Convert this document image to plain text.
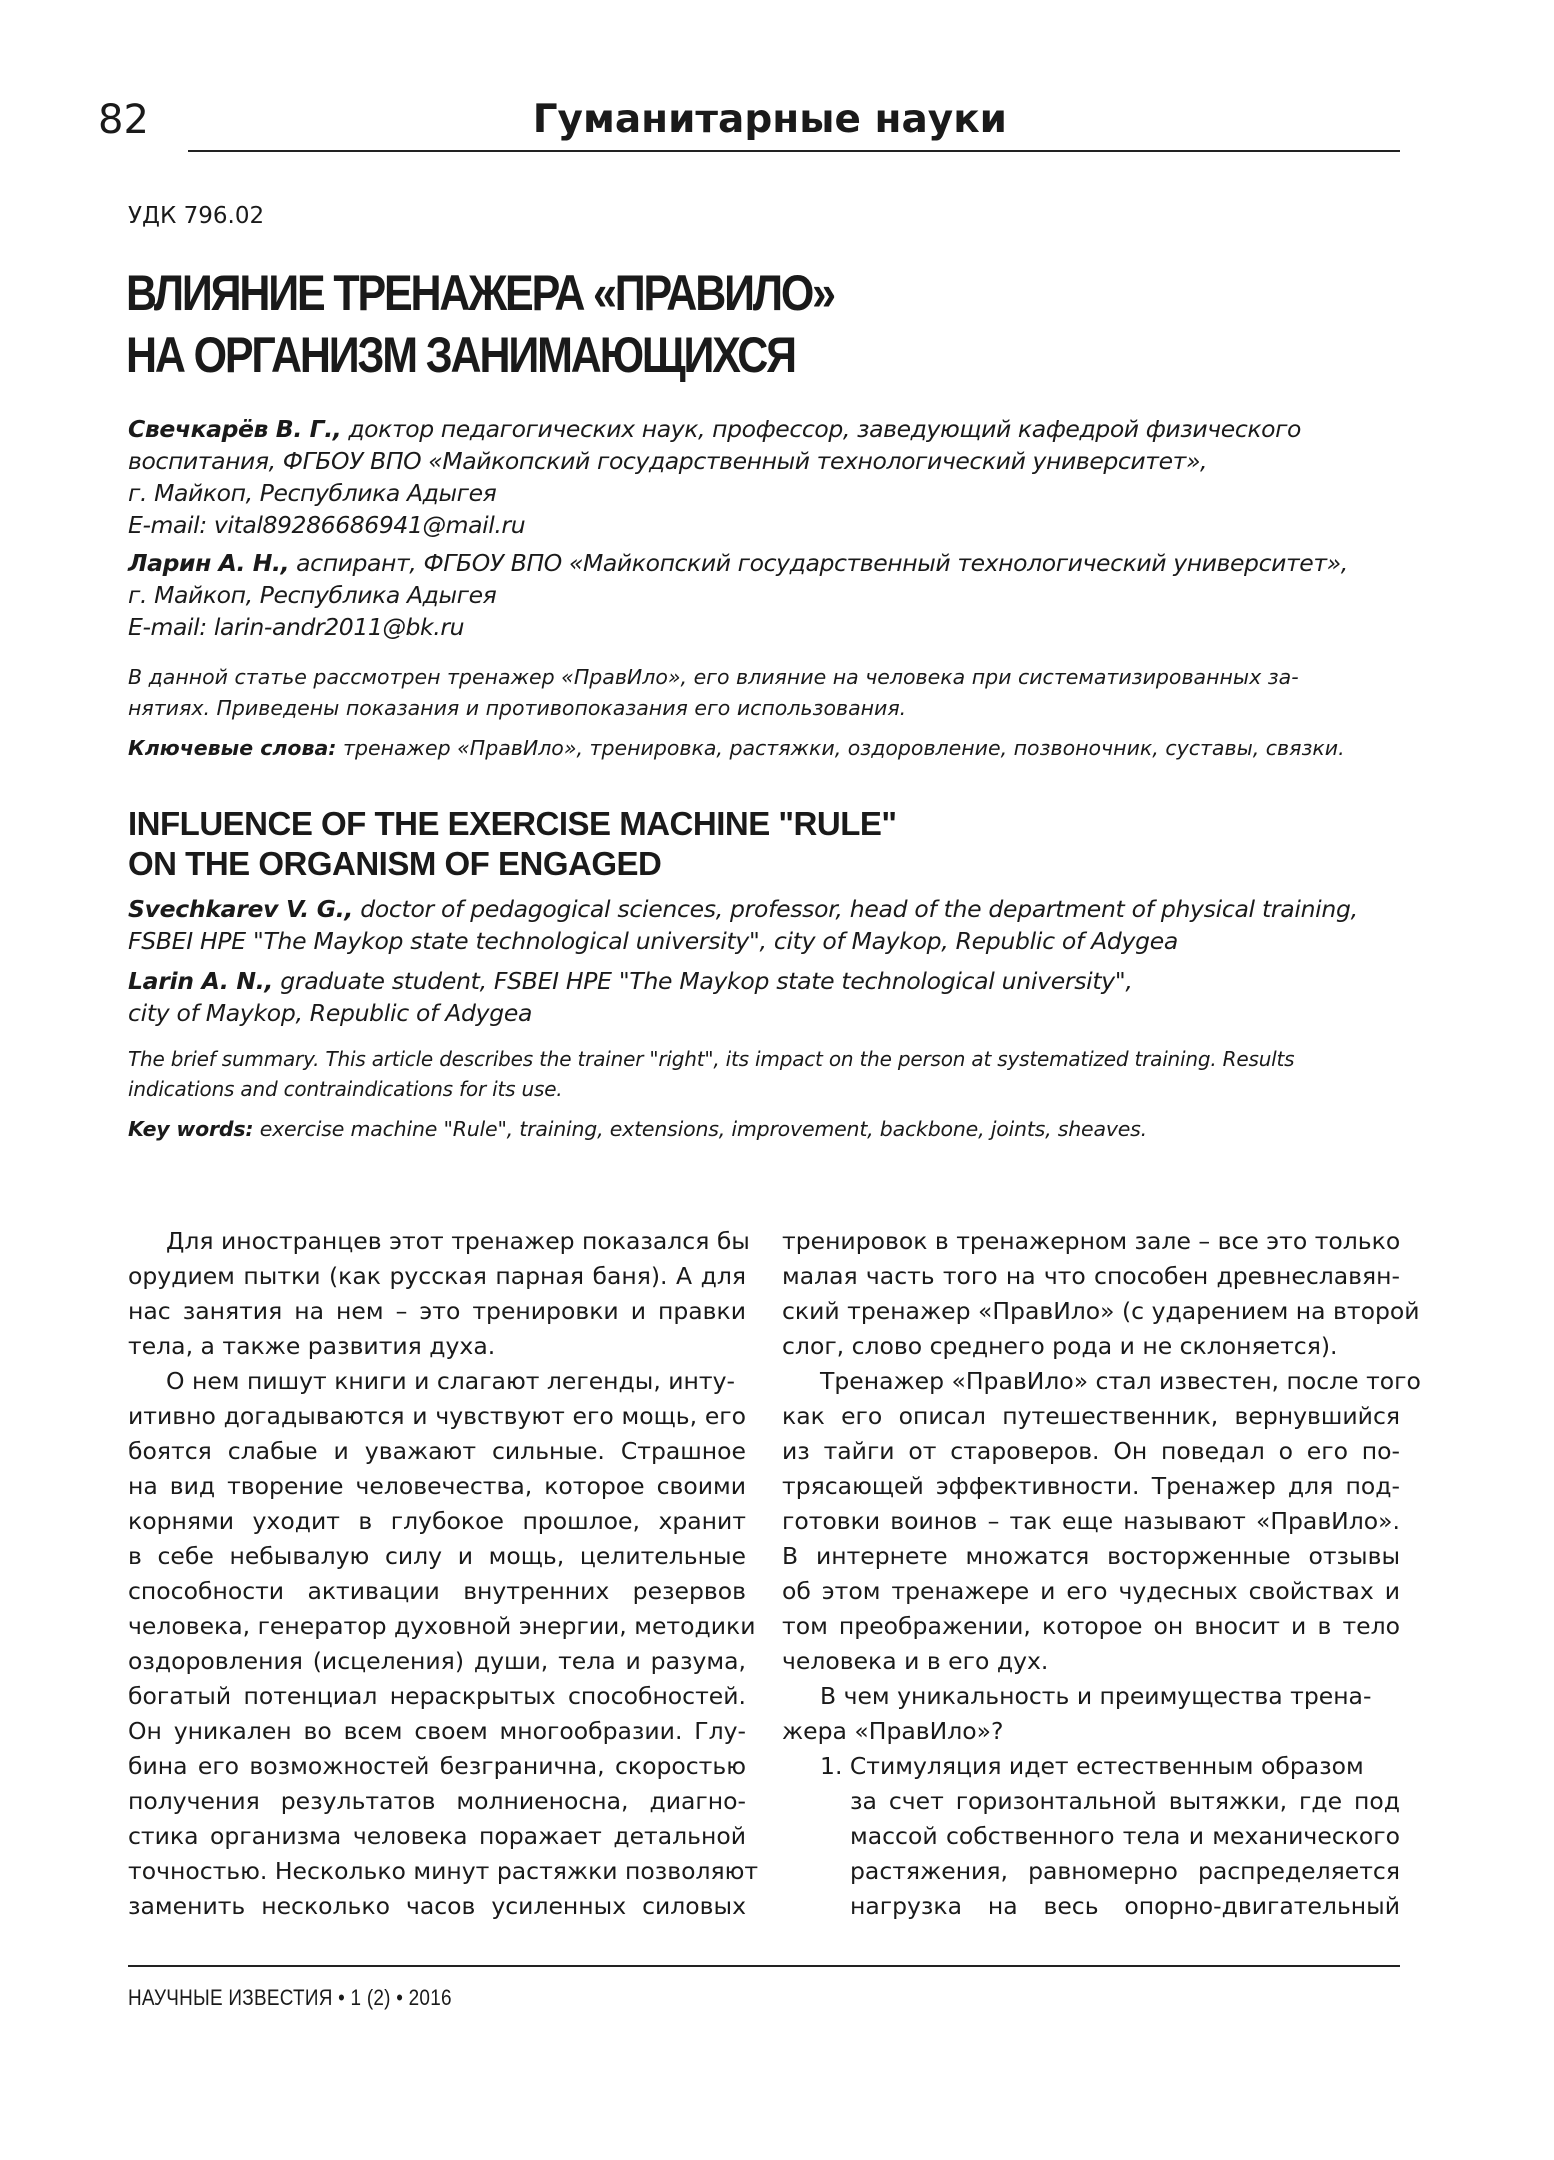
82	Гуманитарные науки
УДК 796.02
ВЛИЯНИЕ ТРЕНАЖЕРА «ПРАВИЛО»
НА ОРГАНИЗМ ЗАНИМАЮЩИХСЯ
Свечкарёв В. Г., доктор педагогических наук, профессор, заведующий кафедрой физического
воспитания, ФГБОУ ВПО «Майкопский государственный технологический университет»,
г. Майкоп, Республика Адыгея
E-mail: vital89286686941@mail.ru
Ларин А. Н., аспирант, ФГБОУ ВПО «Майкопский государственный технологический университет»,
г. Майкоп, Республика Адыгея
E-mail: larin-andr2011@bk.ru
В данной статье рассмотрен тренажер «ПравИло», его влияние на человека при систематизированных за-
нятиях. Приведены показания и противопоказания его использования.
Ключевые слова: тренажер «ПравИло», тренировка, растяжки, оздоровление, позвоночник, суставы, связки.
INFLUENCE OF THE EXERCISE MACHINE "RULE"
ON THE ORGANISM OF ENGAGED
Svechkarev V. G., doctor of pedagogical sciences, professor, head of the department of physical training,
FSBEI HPE "The Maykop state technological university", city of Maykop, Republic of Adygea
Larin A. N., graduate student, FSBEI HPE "The Maykop state technological university",
city of Maykop, Republic of Adygea
The brief summary. This article describes the trainer "right", its impact on the person at systematized training. Results
indications and contraindications for its use.
Key words: exercise machine "Rule", training, extensions, improvement, backbone, joints, sheaves.
Для иностранцев этот тренажер показался бы
орудием пытки (как русская парная баня). А для
нас занятия на нем – это тренировки и правки
тела, а также развития духа.
О нем пишут книги и слагают легенды, инту-
итивно догадываются и чувствуют его мощь, его
боятся слабые и уважают сильные. Страшное
на вид творение человечества, которое своими
корнями уходит в глубокое прошлое, хранит
в себе небывалую силу и мощь, целительные
способности активации внутренних резервов
человека, генератор духовной энергии, методики
оздоровления (исцеления) души, тела и разума,
богатый потенциал нераскрытых способностей.
Он уникален во всем своем многообразии. Глу-
бина его возможностей безгранична, скоростью
получения результатов молниеносна, диагно-
стика организма человека поражает детальной
точностью. Несколько минут растяжки позволяют
заменить несколько часов усиленных силовых
тренировок в тренажерном зале – все это только
малая часть того на что способен древнеславян-
ский тренажер «ПравИло» (с ударением на второй
слог, слово среднего рода и не склоняется).
Тренажер «ПравИло» стал известен, после того
как его описал путешественник, вернувшийся
из тайги от староверов. Он поведал о его по-
трясающей эффективности. Тренажер для под-
готовки воинов – так еще называют «ПравИло».
В интернете множатся восторженные отзывы
об этом тренажере и его чудесных свойствах и
том преображении, которое он вносит и в тело
человека и в его дух.
В чем уникальность и преимущества трена-
жера «ПравИло»?
1. Стимуляция идет естественным образом
за счет горизонтальной вытяжки, где под
массой собственного тела и механического
растяжения, равномерно распределяется
нагрузка на весь опорно-двигательный
НАУЧНЫЕ ИЗВЕСТИЯ • 1 (2) • 2016
